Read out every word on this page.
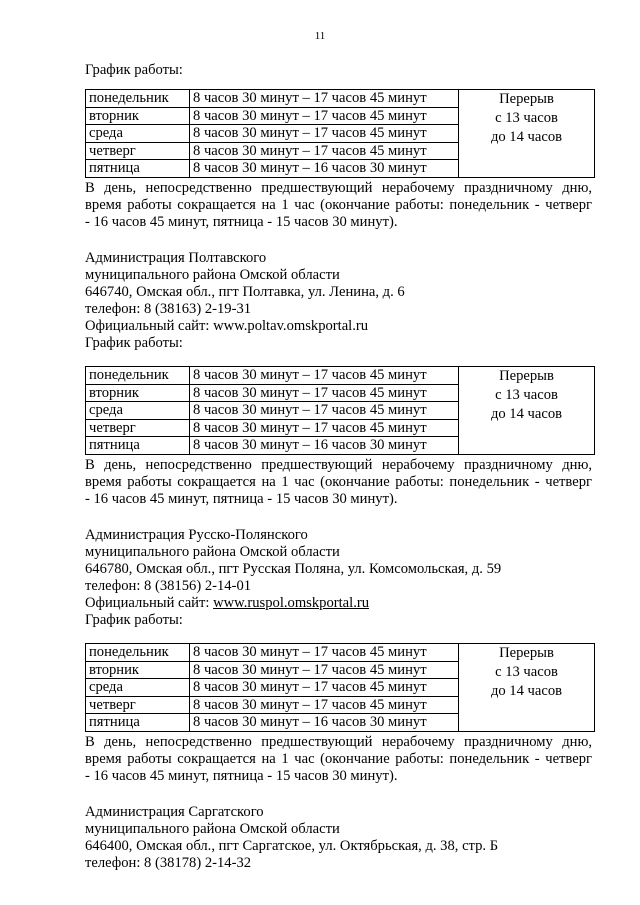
11
График работы:
понедельник	8 часов 30 минут – 17 часов 45 минут	Перерыв
с 13 часов
до 14 часов

вторник	8 часов 30 минут – 17 часов 45 минут	
среда	8 часов 30 минут – 17 часов 45 минут	
четверг	8 часов 30 минут – 17 часов 45 минут	
пятница	8 часов 30 минут – 16 часов 30 минут	

В день, непосредственно предшествующий нерабочему праздничному дню,

время работы сокращается на 1 час (окончание работы: понедельник - четверг

- 16 часов 45 минут, пятница - 15 часов 30 минут).

Администрация Полтавского
муниципального района Омской области
646740, Омская обл., пгт Полтавка, ул. Ленина, д. 6
телефон: 8 (38163) 2-19-31
Официальный сайт: www.poltav.omskportal.ru
График работы:
понедельник	8 часов 30 минут – 17 часов 45 минут	Перерыв
с 13 часов
до 14 часов

вторник	8 часов 30 минут – 17 часов 45 минут	
среда	8 часов 30 минут – 17 часов 45 минут	
четверг	8 часов 30 минут – 17 часов 45 минут	
пятница	8 часов 30 минут – 16 часов 30 минут	

В день, непосредственно предшествующий нерабочему праздничному дню,

время работы сокращается на 1 час (окончание работы: понедельник - четверг

- 16 часов 45 минут, пятница - 15 часов 30 минут).

Администрация Русско-Полянского
муниципального района Омской области
646780, Омская обл., пгт Русская Поляна, ул. Комсомольская, д. 59
телефон: 8 (38156) 2-14-01
Официальный сайт: www.ruspol.omskportal.ru
График работы:
понедельник	8 часов 30 минут – 17 часов 45 минут	Перерыв
с 13 часов
до 14 часов

вторник	8 часов 30 минут – 17 часов 45 минут	
среда	8 часов 30 минут – 17 часов 45 минут	
четверг	8 часов 30 минут – 17 часов 45 минут	
пятница	8 часов 30 минут – 16 часов 30 минут	

В день, непосредственно предшествующий нерабочему праздничному дню,

время работы сокращается на 1 час (окончание работы: понедельник - четверг

- 16 часов 45 минут, пятница - 15 часов 30 минут).

Администрация Саргатского
муниципального района Омской области
646400, Омская обл., пгт Саргатское, ул. Октябрьская, д. 38, стр. Б
телефон: 8 (38178) 2-14-32
